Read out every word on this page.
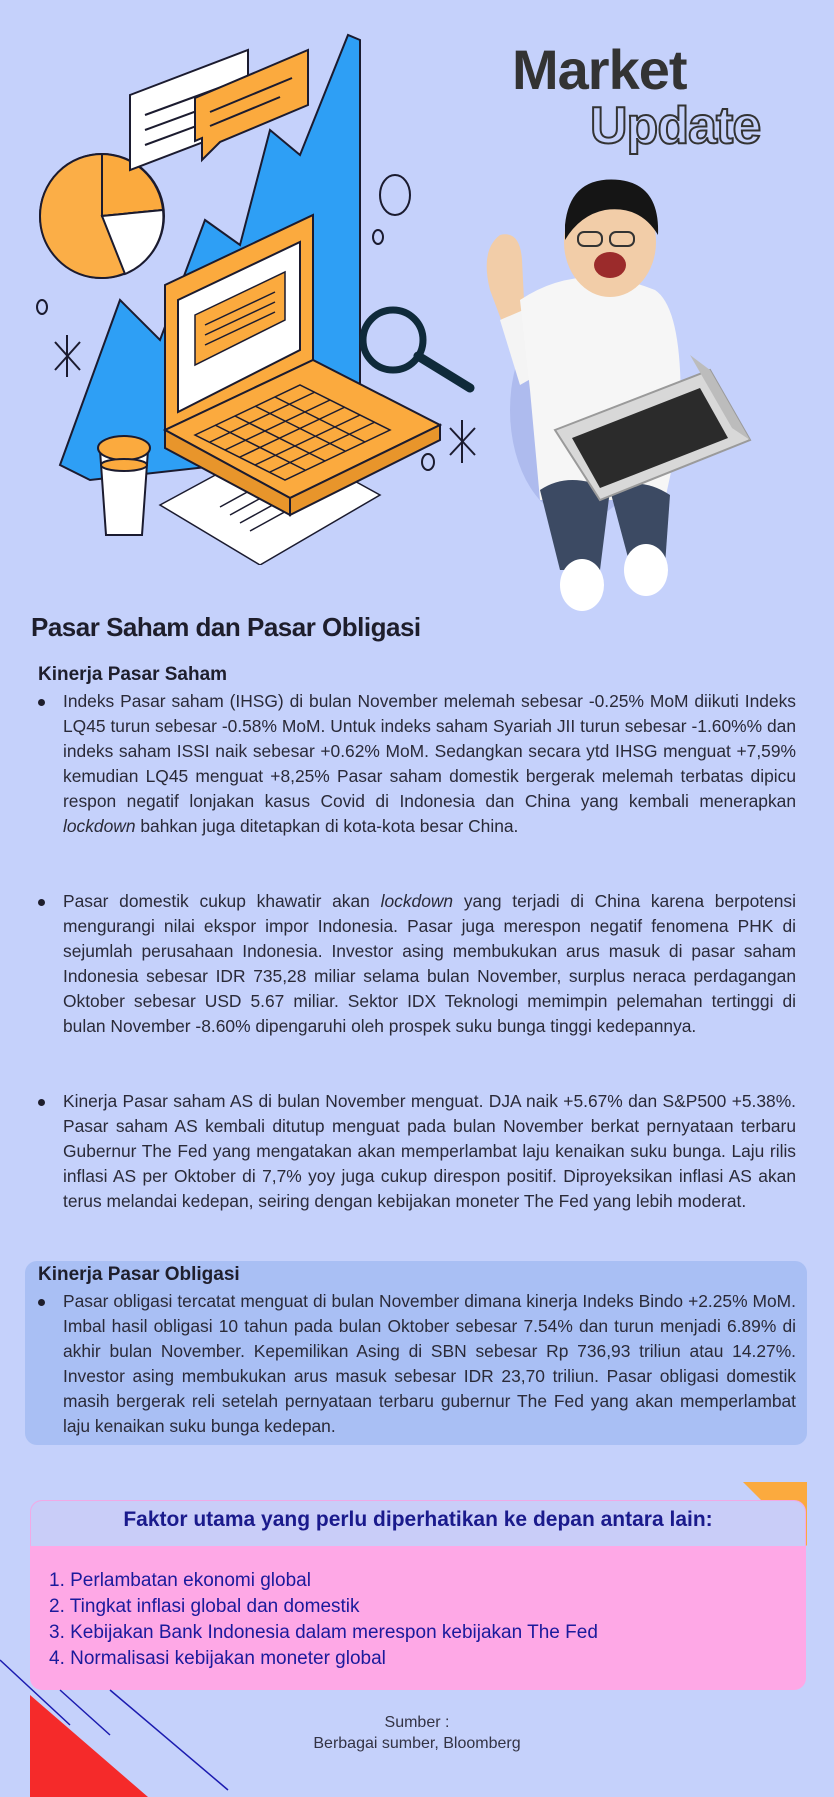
Market
Update
Pasar Saham dan Pasar Obligasi
Kinerja Pasar Saham

Indeks Pasar saham (IHSG) di bulan November melemah sebesar -0.25% MoM diikuti Indeks LQ45 turun sebesar -0.58% MoM. Untuk indeks saham Syariah JII turun sebesar -1.60%% dan indeks saham ISSI naik sebesar +0.62% MoM. Sedangkan secara ytd IHSG menguat +7,59% kemudian LQ45 menguat +8,25% Pasar saham domestik bergerak melemah terbatas dipicu respon negatif lonjakan kasus Covid di Indonesia dan China yang kembali menerapkan lockdown bahkan juga ditetapkan di kota-kota besar China.

Pasar domestik cukup khawatir akan lockdown yang terjadi di China karena berpotensi mengurangi nilai ekspor impor Indonesia. Pasar juga merespon negatif fenomena PHK di sejumlah perusahaan Indonesia. Investor asing membukukan arus masuk di pasar saham Indonesia sebesar IDR 735,28 miliar selama bulan November, surplus neraca perdagangan Oktober sebesar USD 5.67 miliar. Sektor IDX Teknologi memimpin pelemahan tertinggi di bulan November -8.60% dipengaruhi oleh prospek suku bunga tinggi kedepannya.

Kinerja Pasar saham AS di bulan November menguat. DJA naik +5.67% dan S&P500 +5.38%. Pasar saham AS kembali ditutup menguat pada bulan November berkat pernyataan terbaru Gubernur The Fed yang mengatakan akan memperlambat laju kenaikan suku bunga. Laju rilis inflasi AS per Oktober di 7,7% yoy juga cukup direspon positif. Diproyeksikan inflasi AS akan terus melandai kedepan, seiring dengan kebijakan moneter The Fed yang lebih moderat.

Kinerja Pasar Obligasi

Pasar obligasi tercatat menguat di bulan November dimana kinerja Indeks Bindo +2.25% MoM. Imbal hasil obligasi 10 tahun pada bulan Oktober sebesar 7.54% dan turun menjadi 6.89% di akhir bulan November. Kepemilikan Asing di SBN sebesar Rp 736,93 triliun atau 14.27%. Investor asing membukukan arus masuk sebesar IDR 23,70 triliun. Pasar obligasi domestik masih bergerak reli setelah pernyataan terbaru gubernur The Fed yang akan memperlambat laju kenaikan suku bunga kedepan.

Faktor utama yang perlu diperhatikan ke depan antara lain:
1. Perlambatan ekonomi global
2. Tingkat inflasi global dan domestik
3. Kebijakan Bank Indonesia dalam merespon kebijakan The Fed
4. Normalisasi kebijakan moneter global
Sumber :
Berbagai sumber, Bloomberg
